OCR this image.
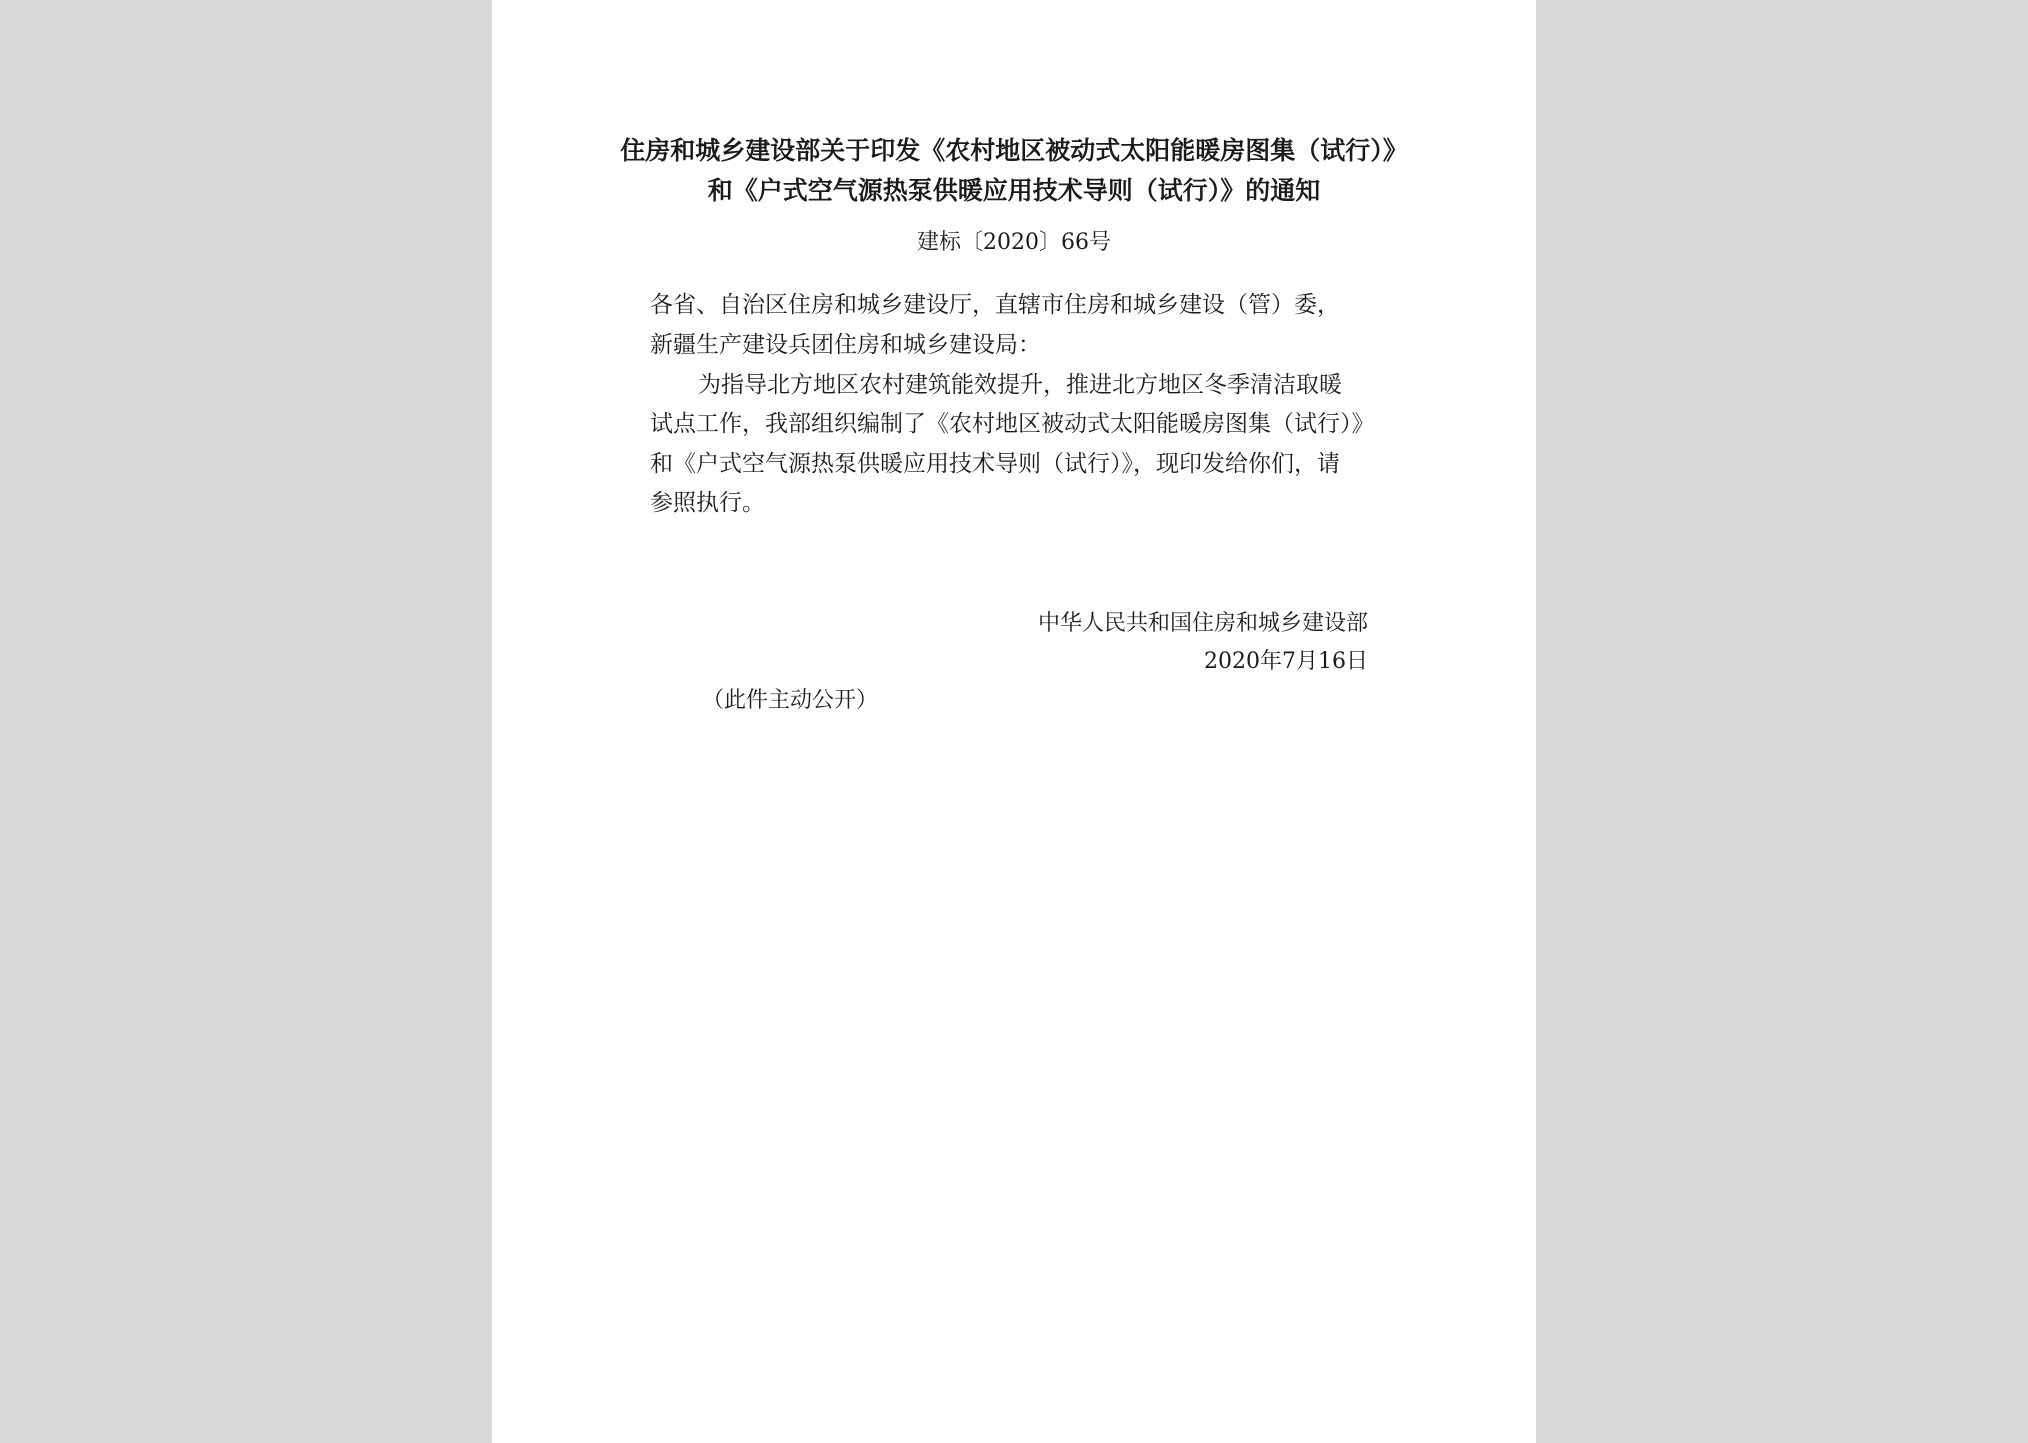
住房和城乡建设部关于印发《农村地区被动式太阳能暖房图集（试行）》
和《户式空气源热泵供暖应用技术导则（试行）》的通知
建标〔2020〕66号
各省、自治区住房和城乡建设厅，直辖市住房和城乡建设（管）委，
新疆生产建设兵团住房和城乡建设局：
为指导北方地区农村建筑能效提升，推进北方地区冬季清洁取暖
试点工作，我部组织编制了《农村地区被动式太阳能暖房图集（试行）》
和《户式空气源热泵供暖应用技术导则（试行）》，现印发给你们，请
参照执行。
中华人民共和国住房和城乡建设部
2020年7月16日
（此件主动公开）
